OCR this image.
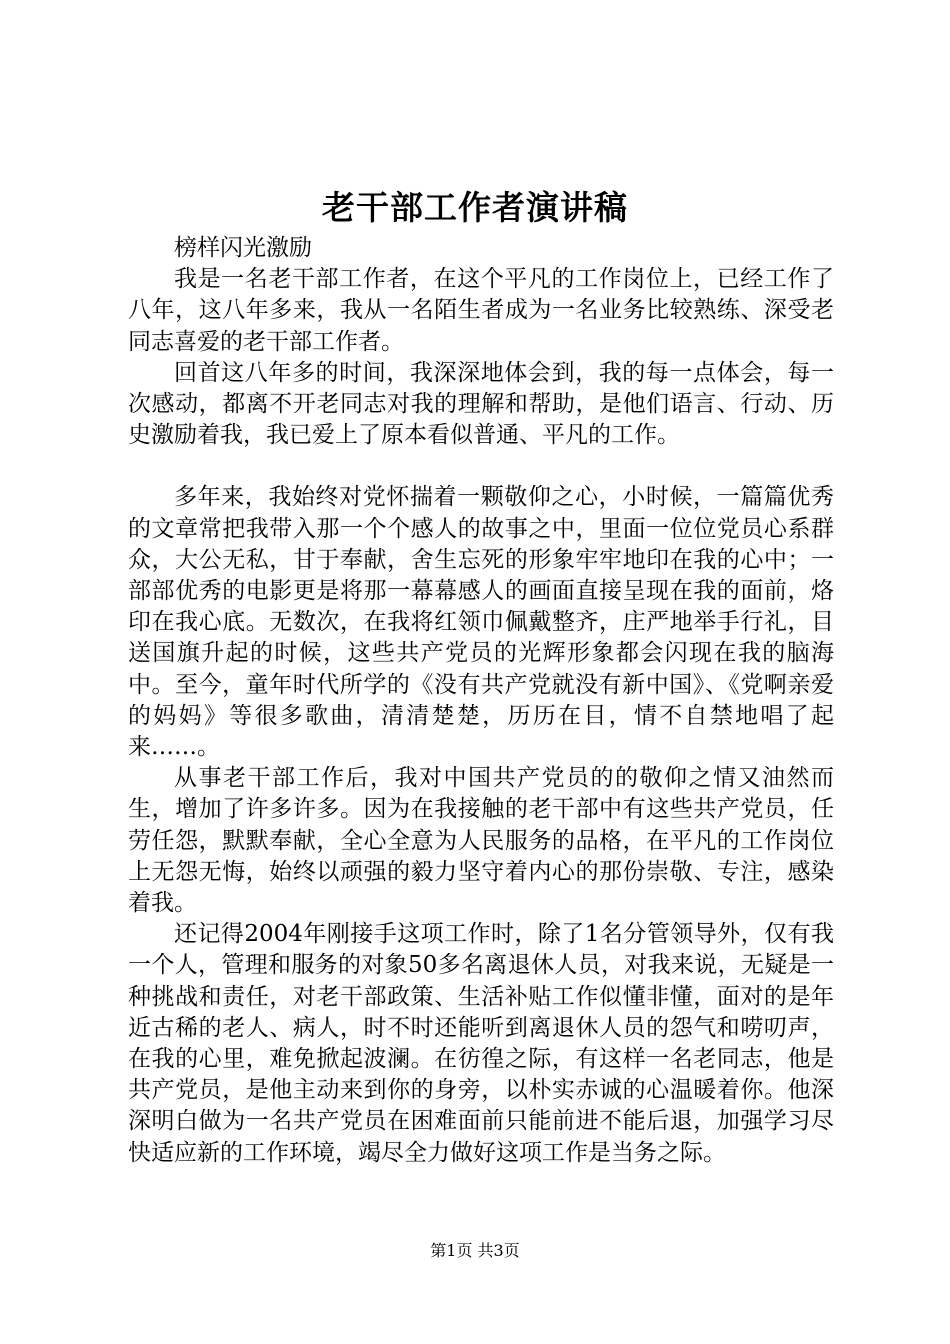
老干部工作者演讲稿

榜样闪光激励

我是一名老干部工作者，在这个平凡的工作岗位上，已经工作了八年，这八年多来，我从一名陌生者成为一名业务比较熟练、深受老同志喜爱的老干部工作者。

回首这八年多的时间，我深深地体会到，我的每一点体会，每一次感动，都离不开老同志对我的理解和帮助，是他们语言、行动、历史激励着我，我已爱上了原本看似普通、平凡的工作。

多年来，我始终对党怀揣着一颗敬仰之心，小时候，一篇篇优秀的文章常把我带入那一个个感人的故事之中，里面一位位党员心系群众，大公无私，甘于奉献，舍生忘死的形象牢牢地印在我的心中；一部部优秀的电影更是将那一幕幕感人的画面直接呈现在我的面前，烙印在我心底。无数次，在我将红领巾佩戴整齐，庄严地举手行礼，目送国旗升起的时候，这些共产党员的光辉形象都会闪现在我的脑海中。至今，童年时代所学的《没有共产党就没有新中国》、《党啊亲爱的妈妈》等很多歌曲，清清楚楚，历历在目，情不自禁地唱了起来……。

从事老干部工作后，我对中国共产党员的的敬仰之情又油然而生，增加了许多许多。因为在我接触的老干部中有这些共产党员，任劳任怨，默默奉献，全心全意为人民服务的品格，在平凡的工作岗位上无怨无悔，始终以顽强的毅力坚守着内心的那份崇敬、专注，感染着我。

还记得2004年刚接手这项工作时，除了1名分管领导外，仅有我一个人，管理和服务的对象50多名离退休人员，对我来说，无疑是一种挑战和责任，对老干部政策、生活补贴工作似懂非懂，面对的是年近古稀的老人、病人，时不时还能听到离退休人员的怨气和唠叨声，在我的心里，难免掀起波澜。在彷徨之际，有这样一名老同志，他是共产党员，是他主动来到你的身旁，以朴实赤诚的心温暖着你。他深深明白做为一名共产党员在困难面前只能前进不能后退，加强学习尽快适应新的工作环境，竭尽全力做好这项工作是当务之际。

第1页 共3页
